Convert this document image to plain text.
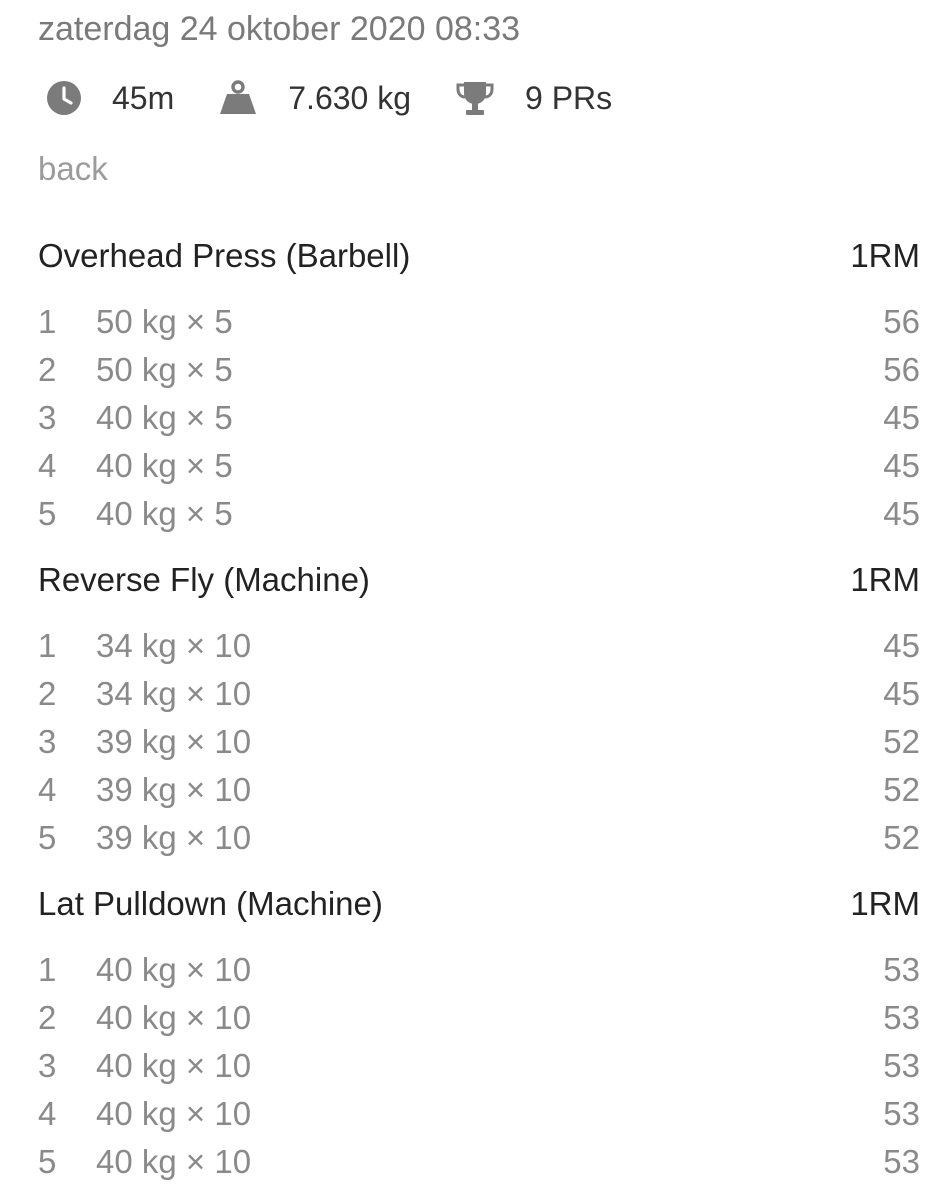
zaterdag 24 oktober 2020 08:33
45m	7.630 kg	9 PRs
back
Overhead Press (Barbell)	1RM
1	50 kg × 5	56
2	50 kg × 5	56
3	40 kg × 5	45
4	40 kg × 5	45
5	40 kg × 5	45
Reverse Fly (Machine)	1RM
1	34 kg × 10	45
2	34 kg × 10	45
3	39 kg × 10	52
4	39 kg × 10	52
5	39 kg × 10	52
Lat Pulldown (Machine)	1RM
1	40 kg × 10	53
2	40 kg × 10	53
3	40 kg × 10	53
4	40 kg × 10	53
5	40 kg × 10	53
